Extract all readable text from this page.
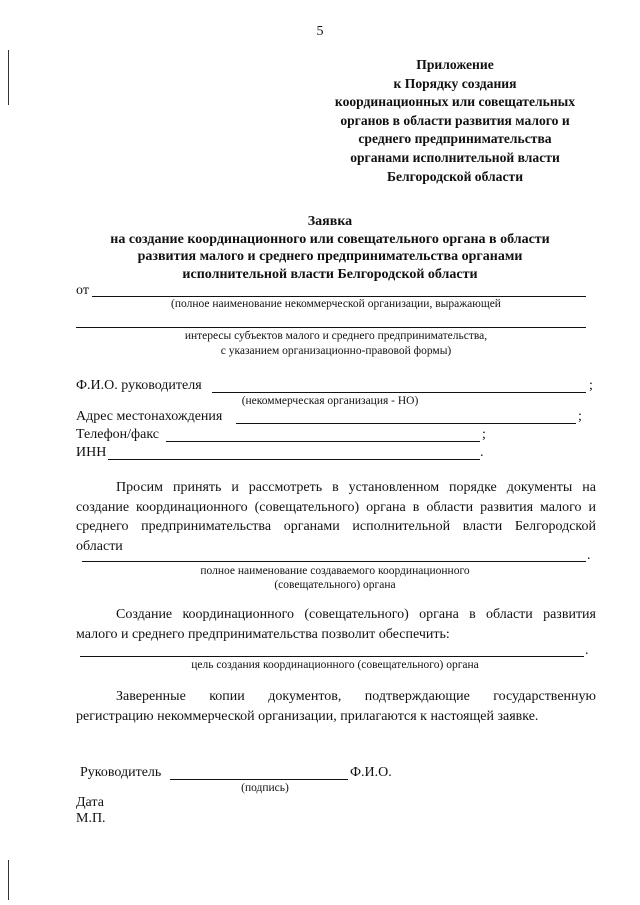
5
Приложение
к Порядку создания
координационных или совещательных
органов в области развития малого и
среднего предпринимательства
органами исполнительной власти
Белгородской области
Заявка
на создание координационного или совещательного органа в области
развития малого и среднего предпринимательства органами
исполнительной власти Белгородской области
от
(полное наименование некоммерческой организации, выражающей
интересы субъектов малого и среднего предпринимательства,
с указанием организационно-правовой формы)
Ф.И.О. руководителя	;
(некоммерческая организация - НО)
Адрес местонахождения	;
Телефон/факс	;
ИНН	.
Просим принять и рассмотреть в установленном порядке документы на создание координационного (совещательного) органа в области развития малого и среднего предпринимательства органами исполнительной власти Белгородской области
.
полное наименование создаваемого координационного
(совещательного) органа
Создание координационного (совещательного) органа в области развития малого и среднего предпринимательства позволит обеспечить:
.
цель создания координационного (совещательного) органа
Заверенные копии документов, подтверждающие государственную регистрацию некоммерческой организации, прилагаются к настоящей заявке.
Руководитель	Ф.И.О.
(подпись)
Дата
М.П.
